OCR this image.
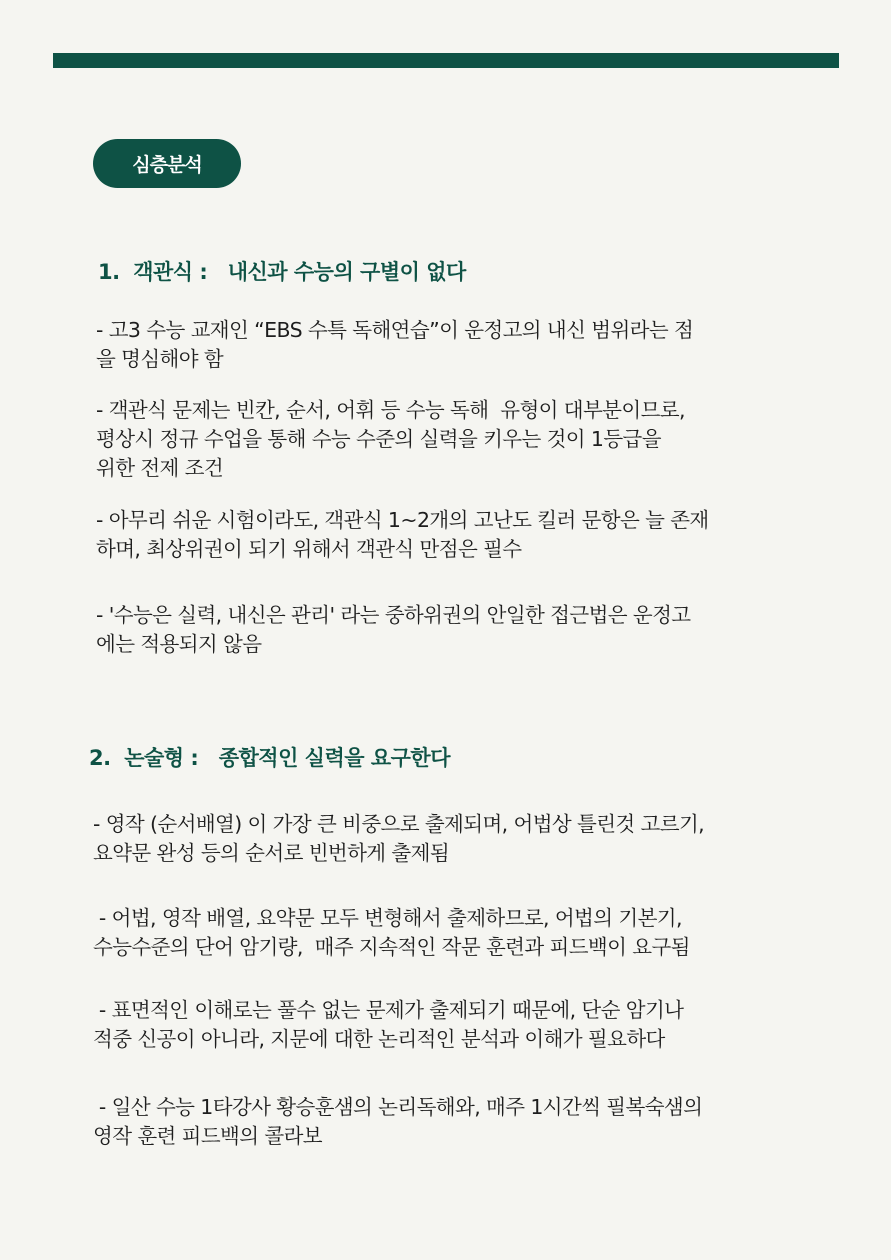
심층분석
1.  객관식 :   내신과 수능의 구별이 없다
- 고3 수능 교재인 “EBS 수특 독해연습”이 운정고의 내신 범위라는 점
을 명심해야 함
- 객관식 문제는 빈칸, 순서, 어휘 등 수능 독해  유형이 대부분이므로,
평상시 정규 수업을 통해 수능 수준의 실력을 키우는 것이 1등급을
위한 전제 조건
- 아무리 쉬운 시험이라도, 객관식 1~2개의 고난도 킬러 문항은 늘 존재
하며, 최상위권이 되기 위해서 객관식 만점은 필수
- '수능은 실력, 내신은 관리' 라는 중하위권의 안일한 접근법은 운정고
에는 적용되지 않음
2.  논술형 :   종합적인 실력을 요구한다
- 영작 (순서배열) 이 가장 큰 비중으로 출제되며, 어법상 틀린것 고르기,
요약문 완성 등의 순서로 빈번하게 출제됨
- 어법, 영작 배열, 요약문 모두 변형해서 출제하므로, 어법의 기본기,
수능수준의 단어 암기량,  매주 지속적인 작문 훈련과 피드백이 요구됨
- 표면적인 이해로는 풀수 없는 문제가 출제되기 때문에, 단순 암기나
적중 신공이 아니라, 지문에 대한 논리적인 분석과 이해가 필요하다
- 일산 수능 1타강사 황승훈샘의 논리독해와, 매주 1시간씩 필복숙샘의
영작 훈련 피드백의 콜라보
